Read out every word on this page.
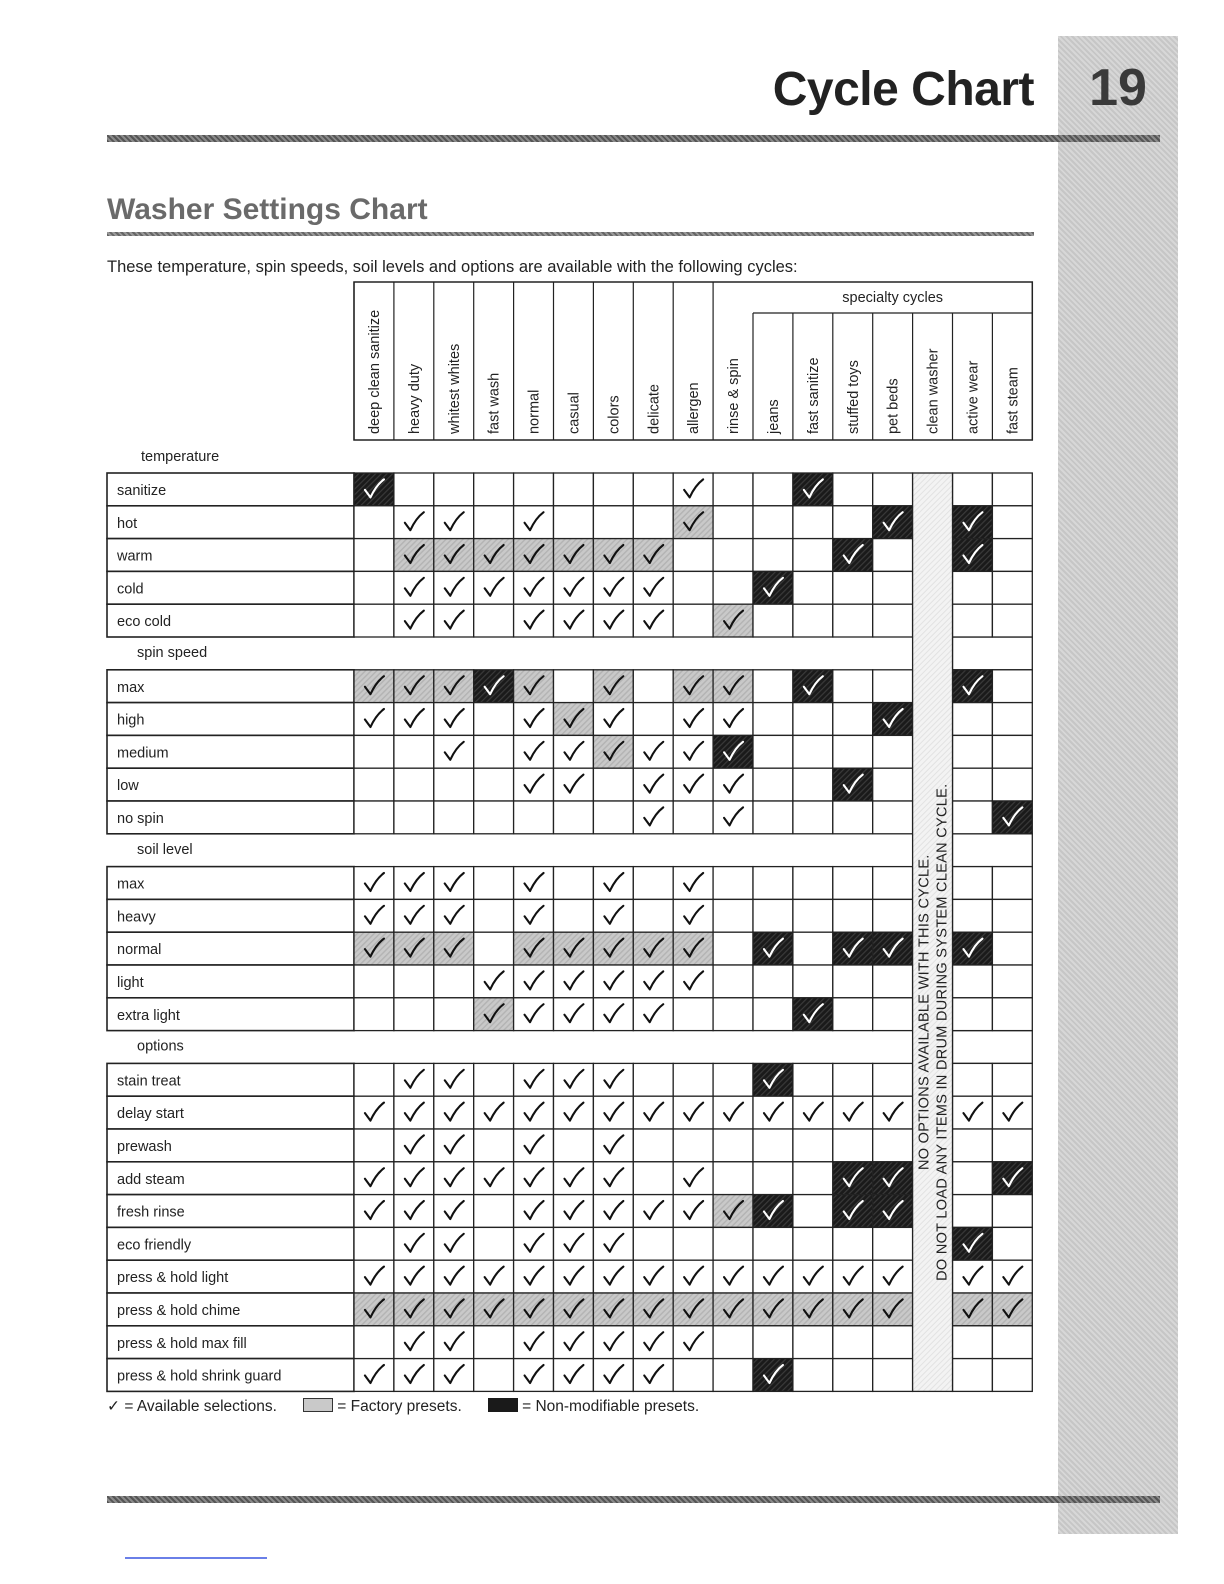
19
Cycle Chart
Washer Settings Chart
These temperature, spin speeds, soil levels and options are available with the following cycles:
specialty cycles
deep clean sanitize heavy duty whitest whites fast wash normal casual colors delicate allergen rinse & spin jeans fast sanitize stuffed toys pet beds clean washer active wear fast steam
temperature
spin speed
soil level
options
sanitize
hot
warm
cold
eco cold
max
high
medium
low
no spin
max
heavy
normal
light
extra light
stain treat
delay start
prewash
add steam
fresh rinse
eco friendly
press & hold light
press & hold chime
press & hold max fill
press & hold shrink guard
NO OPTIONS AVAILABLE WITH THIS CYCLE. DO NOT LOAD ANY ITEMS IN DRUM DURING SYSTEM CLEAN CYCLE.
✓ = Available selections.	= Factory presets.	= Non-modifiable presets.
